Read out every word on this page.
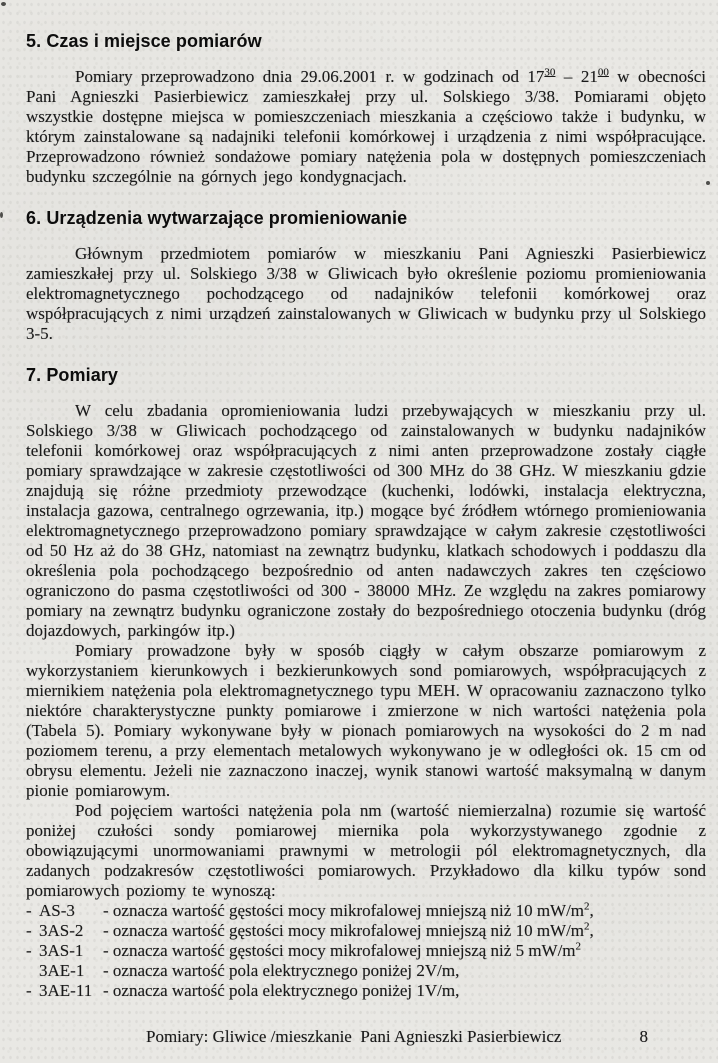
5. Czas i miejsce pomiarów

Pomiary przeprowadzono dnia 29.06.2001 r. w godzinach od $17^{30} - 21^{00}$ w obecności Pani Agnieszki Pasierbiewicz zamieszkałej przy ul. Solskiego 3/38. Pomiarami objęto wszystkie dostępne miejsca w pomieszczeniach mieszkania a częściowo także i budynku, w którym zainstalowane są nadajniki telefonii komórkowej i urządzenia z nimi współpracujące. Przeprowadzono również sondażowe pomiary natężenia pola w dostępnych pomieszczeniach budynku szczególnie na górnych jego kondygnacjach.

6. Urządzenia wytwarzające promieniowanie

Głównym przedmiotem pomiarów w mieszkaniu Pani Agnieszki Pasierbiewicz zamieszkałej przy ul. Solskiego 3/38 w Gliwicach było określenie poziomu promieniowania elektromagnetycznego pochodzącego od nadajników telefonii komórkowej oraz współpracujących z nimi urządzeń zainstalowanych w Gliwicach w budynku przy ul Solskiego 3-5.

7. Pomiary

W celu zbadania opromieniowania ludzi przebywających w mieszkaniu przy ul. Solskiego 3/38 w Gliwicach pochodzącego od zainstalowanych w budynku nadajników telefonii komórkowej oraz współpracujących z nimi anten przeprowadzone zostały ciągłe pomiary sprawdzające w zakresie częstotliwości od 300 MHz do 38 GHz. W mieszkaniu gdzie znajdują się różne przedmioty przewodzące (kuchenki, lodówki, instalacja elektryczna, instalacja gazowa, centralnego ogrzewania, itp.) mogące być źródłem wtórnego promieniowania elektromagnetycznego przeprowadzono pomiary sprawdzające w całym zakresie częstotliwości od 50 Hz aż do 38 GHz, natomiast na zewnątrz budynku, klatkach schodowych i poddaszu dla określenia pola pochodzącego bezpośrednio od anten nadawczych zakres ten częściowo ograniczono do pasma częstotliwości od 300 - 38000 MHz. Ze względu na zakres pomiarowy pomiary na zewnątrz budynku ograniczone zostały do bezpośredniego otoczenia budynku (dróg dojazdowych, parkingów itp.)

Pomiary prowadzone były w sposób ciągły w całym obszarze pomiarowym z wykorzystaniem kierunkowych i bezkierunkowych sond pomiarowych, współpracujących z miernikiem natężenia pola elektromagnetycznego typu MEH. W opracowaniu zaznaczono tylko niektóre charakterystyczne punkty pomiarowe i zmierzone w nich wartości natężenia pola (Tabela 5). Pomiary wykonywane były w pionach pomiarowych na wysokości do 2 m nad poziomem terenu, a przy elementach metalowych wykonywano je w odległości ok. 15 cm od obrysu elementu. Jeżeli nie zaznaczono inaczej, wynik stanowi wartość maksymalną w danym pionie pomiarowym.

Pod pojęciem wartości natężenia pola nm (wartość niemierzalna) rozumie się wartość poniżej czułości sondy pomiarowej miernika pola wykorzystywanego zgodnie z obowiązującymi unormowaniami prawnymi w metrologii pól elektromagnetycznych, dla zadanych podzakresów częstotliwości pomiarowych. Przykładowo dla kilku typów sond pomiarowych poziomy te wynoszą:

- AS-3	- oznacza wartość gęstości mocy mikrofalowej mniejszą niż 10 $mW/m^2$,
- 3AS-2	- oznacza wartość gęstości mocy mikrofalowej mniejszą niż 10 $mW/m^2$,
- 3AS-1	- oznacza wartość gęstości mocy mikrofalowej mniejszą niż 5 $mW/m^2$
3AE-1	- oznacza wartość pola elektrycznego poniżej 2V/m,
- 3AE-11 - oznacza wartość pola elektrycznego poniżej 1V/m,
Pomiary: Gliwice /mieszkanie  Pani Agnieszki Pasierbiewicz	8
